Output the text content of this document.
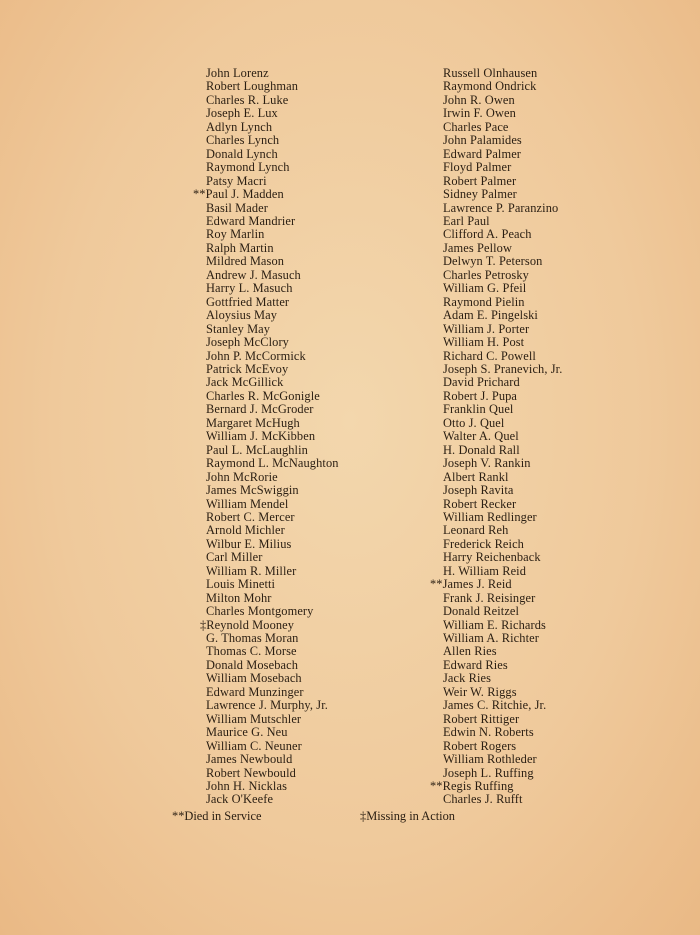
John Lorenz
Robert Loughman
Charles R. Luke
Joseph E. Lux
Adlyn Lynch
Charles Lynch
Donald Lynch
Raymond Lynch
Patsy Macri
**Paul J. Madden
Basil Mader
Edward Mandrier
Roy Marlin
Ralph Martin
Mildred Mason
Andrew J. Masuch
Harry L. Masuch
Gottfried Matter
Aloysius May
Stanley May
Joseph McClory
John P. McCormick
Patrick McEvoy
Jack McGillick
Charles R. McGonigle
Bernard J. McGroder
Margaret McHugh
William J. McKibben
Paul L. McLaughlin
Raymond L. McNaughton
John McRorie
James McSwiggin
William Mendel
Robert C. Mercer
Arnold Michler
Wilbur E. Milius
Carl Miller
William R. Miller
Louis Minetti
Milton Mohr
Charles Montgomery
‡Reynold Mooney
G. Thomas Moran
Thomas C. Morse
Donald Mosebach
William Mosebach
Edward Munzinger
Lawrence J. Murphy, Jr.
William Mutschler
Maurice G. Neu
William C. Neuner
James Newbould
Robert Newbould
John H. Nicklas
Jack O'Keefe
Russell Olnhausen
Raymond Ondrick
John R. Owen
Irwin F. Owen
Charles Pace
John Palamides
Edward Palmer
Floyd Palmer
Robert Palmer
Sidney Palmer
Lawrence P. Paranzino
Earl Paul
Clifford A. Peach
James Pellow
Delwyn T. Peterson
Charles Petrosky
William G. Pfeil
Raymond Pielin
Adam E. Pingelski
William J. Porter
William H. Post
Richard C. Powell
Joseph S. Pranevich, Jr.
David Prichard
Robert J. Pupa
Franklin Quel
Otto J. Quel
Walter A. Quel
H. Donald Rall
Joseph V. Rankin
Albert Rankl
Joseph Ravita
Robert Recker
William Redlinger
Leonard Reh
Frederick Reich
Harry Reichenback
H. William Reid
**James J. Reid
Frank J. Reisinger
Donald Reitzel
William E. Richards
William A. Richter
Allen Ries
Edward Ries
Jack Ries
Weir W. Riggs
James C. Ritchie, Jr.
Robert Rittiger
Edwin N. Roberts
Robert Rogers
William Rothleder
Joseph L. Ruffing
**Regis Ruffing
Charles J. Rufft
**Died in Service	‡Missing in Action
